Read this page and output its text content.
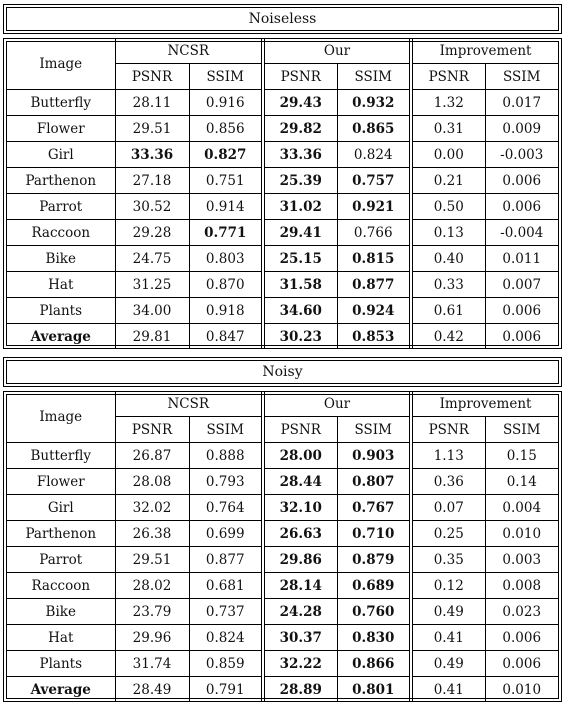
Noiseless
Image	NCSR		Our		Improvement	
	PSNR	SSIM	PSNR	SSIM	PSNR	SSIM
Butterfly	28.11	0.916	29.43	0.932	1.32	0.017
Flower	29.51	0.856	29.82	0.865	0.31	0.009
Girl	33.36	0.827	33.36	0.824	0.00	-0.003
Parthenon	27.18	0.751	25.39	0.757	0.21	0.006
Parrot	30.52	0.914	31.02	0.921	0.50	0.006
Raccoon	29.28	0.771	29.41	0.766	0.13	-0.004
Bike	24.75	0.803	25.15	0.815	0.40	0.011
Hat	31.25	0.870	31.58	0.877	0.33	0.007
Plants	34.00	0.918	34.60	0.924	0.61	0.006
Average	29.81	0.847	30.23	0.853	0.42	0.006
Noisy
Image	NCSR		Our		Improvement	
	PSNR	SSIM	PSNR	SSIM	PSNR	SSIM
Butterfly	26.87	0.888	28.00	0.903	1.13	0.15
Flower	28.08	0.793	28.44	0.807	0.36	0.14
Girl	32.02	0.764	32.10	0.767	0.07	0.004
Parthenon	26.38	0.699	26.63	0.710	0.25	0.010
Parrot	29.51	0.877	29.86	0.879	0.35	0.003
Raccoon	28.02	0.681	28.14	0.689	0.12	0.008
Bike	23.79	0.737	24.28	0.760	0.49	0.023
Hat	29.96	0.824	30.37	0.830	0.41	0.006
Plants	31.74	0.859	32.22	0.866	0.49	0.006
Average	28.49	0.791	28.89	0.801	0.41	0.010
